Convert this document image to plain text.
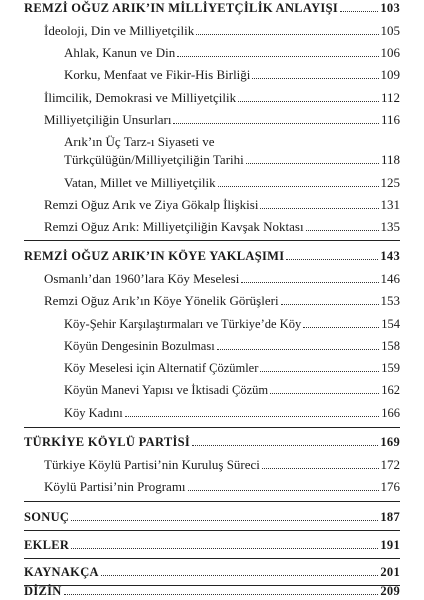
REMZİ OĞUZ ARIK’IN MİLLİYETÇİLİK ANLAYIŞI	103
İdeoloji, Din ve Milliyetçilik	105
Ahlak, Kanun ve Din	106
Korku, Menfaat ve Fikir-His Birliği	109
İlimcilik, Demokrasi ve Milliyetçilik	112
Milliyetçiliğin Unsurları	116
Arık’ın Üç Tarz-ı Siyaseti ve
Türkçülüğün/Milliyetçiliğin Tarihi	118
Vatan, Millet ve Milliyetçilik	125
Remzi Oğuz Arık ve Ziya Gökalp İlişkisi	131
Remzi Oğuz Arık: Milliyetçiliğin Kavşak Noktası	135
REMZİ OĞUZ ARIK’IN KÖYE YAKLAŞIMI	143
Osmanlı’dan 1960’lara Köy Meselesi	146
Remzi Oğuz Arık’ın Köye Yönelik Görüşleri	153
Köy-Şehir Karşılaştırmaları ve Türkiye’de Köy	154
Köyün Dengesinin Bozulması	158
Köy Meselesi için Alternatif Çözümler	159
Köyün Manevi Yapısı ve İktisadi Çözüm	162
Köy Kadını	166
TÜRKİYE KÖYLÜ PARTİSİ	169
Türkiye Köylü Partisi’nin Kuruluş Süreci	172
Köylü Partisi’nin Programı	176
SONUÇ	187
EKLER	191
KAYNAKÇA	201
DİZİN	209
